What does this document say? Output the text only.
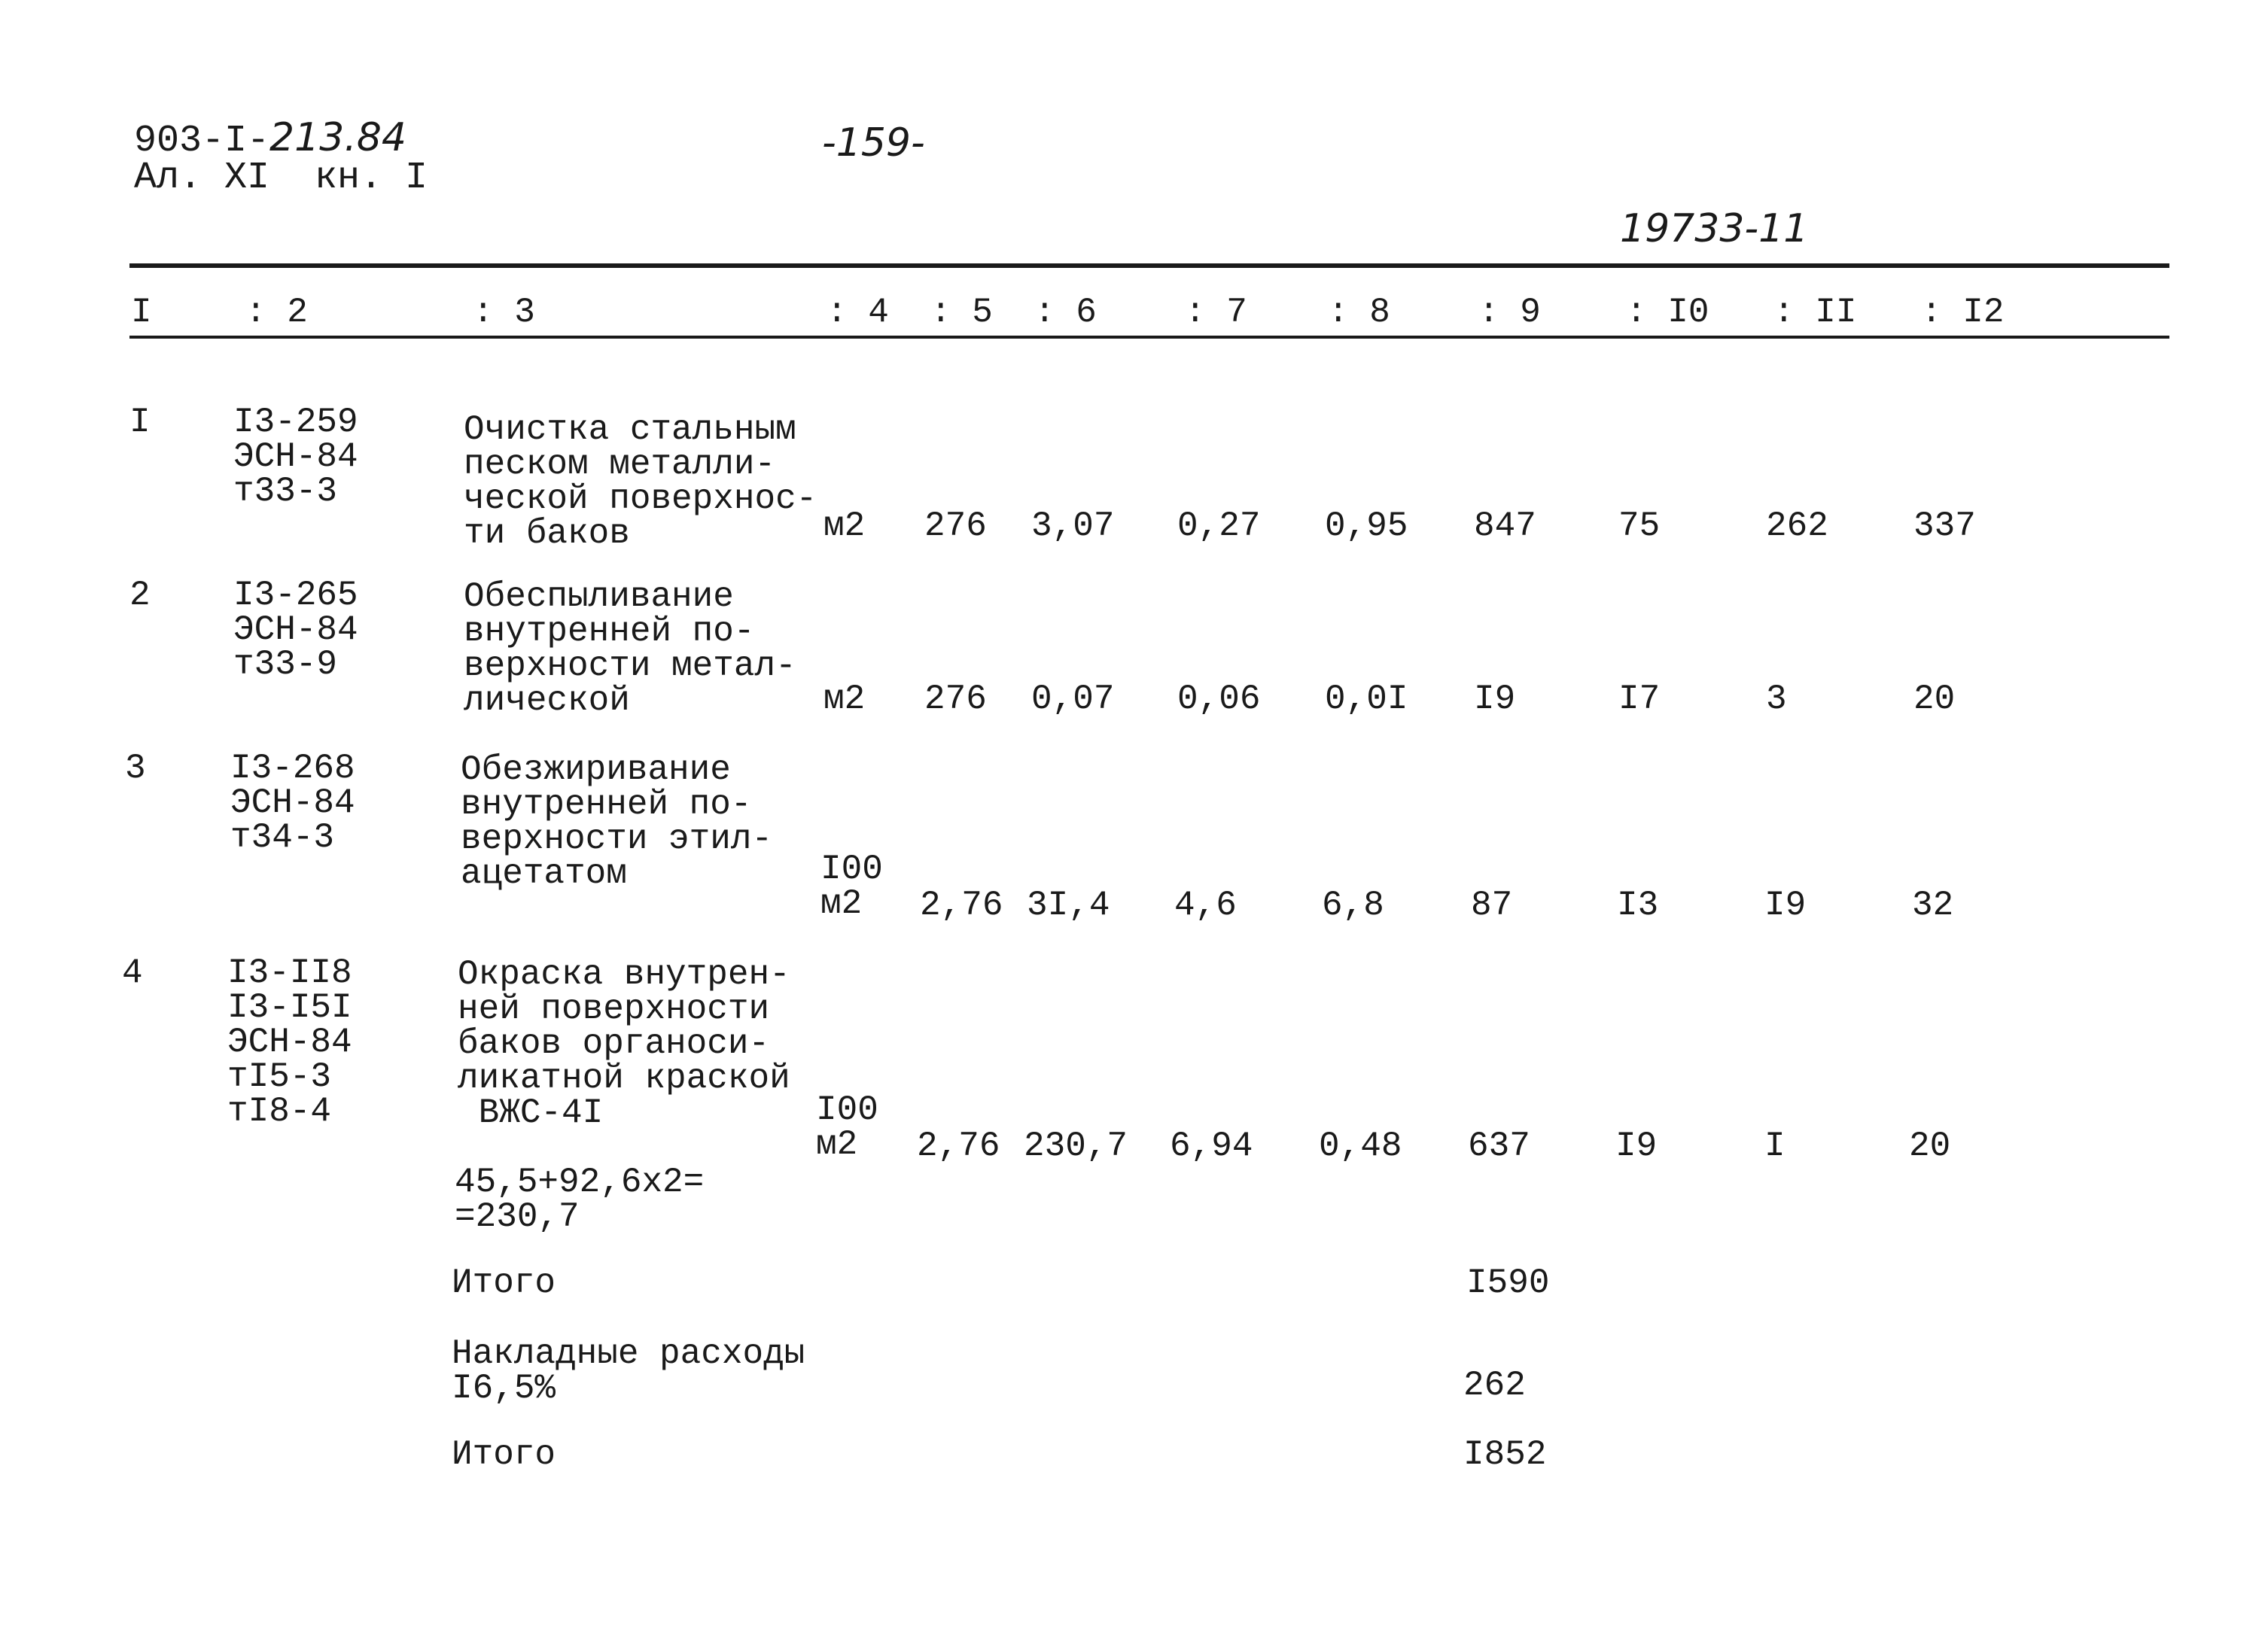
903-I-213.84
Ал. XI  кн. I
-159-
19733-11
I	: 2	: 3	: 4 : 5 : 6	: 7 : 8	: 9 : I0 : II : I2
I I3-259
ЭСН-84
т33-3
Очистка стальным
песком металли-
ческой поверхнос-
ти баков	м2 276 3,07 0,27 0,95 847 75	262 337
2 I3-265
ЭСН-84
т33-9
Обеспыливание
внутренней по-
верхности метал-
лической	м2 276 0,07 0,06 0,0I I9	I7	3	20
3 I3-268
ЭСН-84
т34-3
Обезжиривание
внутренней по-
верхности этил-
ацетатом	I00
м2	2,76 3I,4 4,6 6,8	87	I3	I9	32
4 I3-II8
I3-I5I
ЭСН-84
тI5-3
тI8-4
Окраска внутрен-
ней поверхности
баков органоси-
ликатной краской
ВЖС-4I
45,5+92,6х2=
=230,7
I00
м2	2,76 230,7 6,94 0,48 637 I9	I	20
Итого	I590
Накладные расходы
I6,5%	262
Итого	I852
